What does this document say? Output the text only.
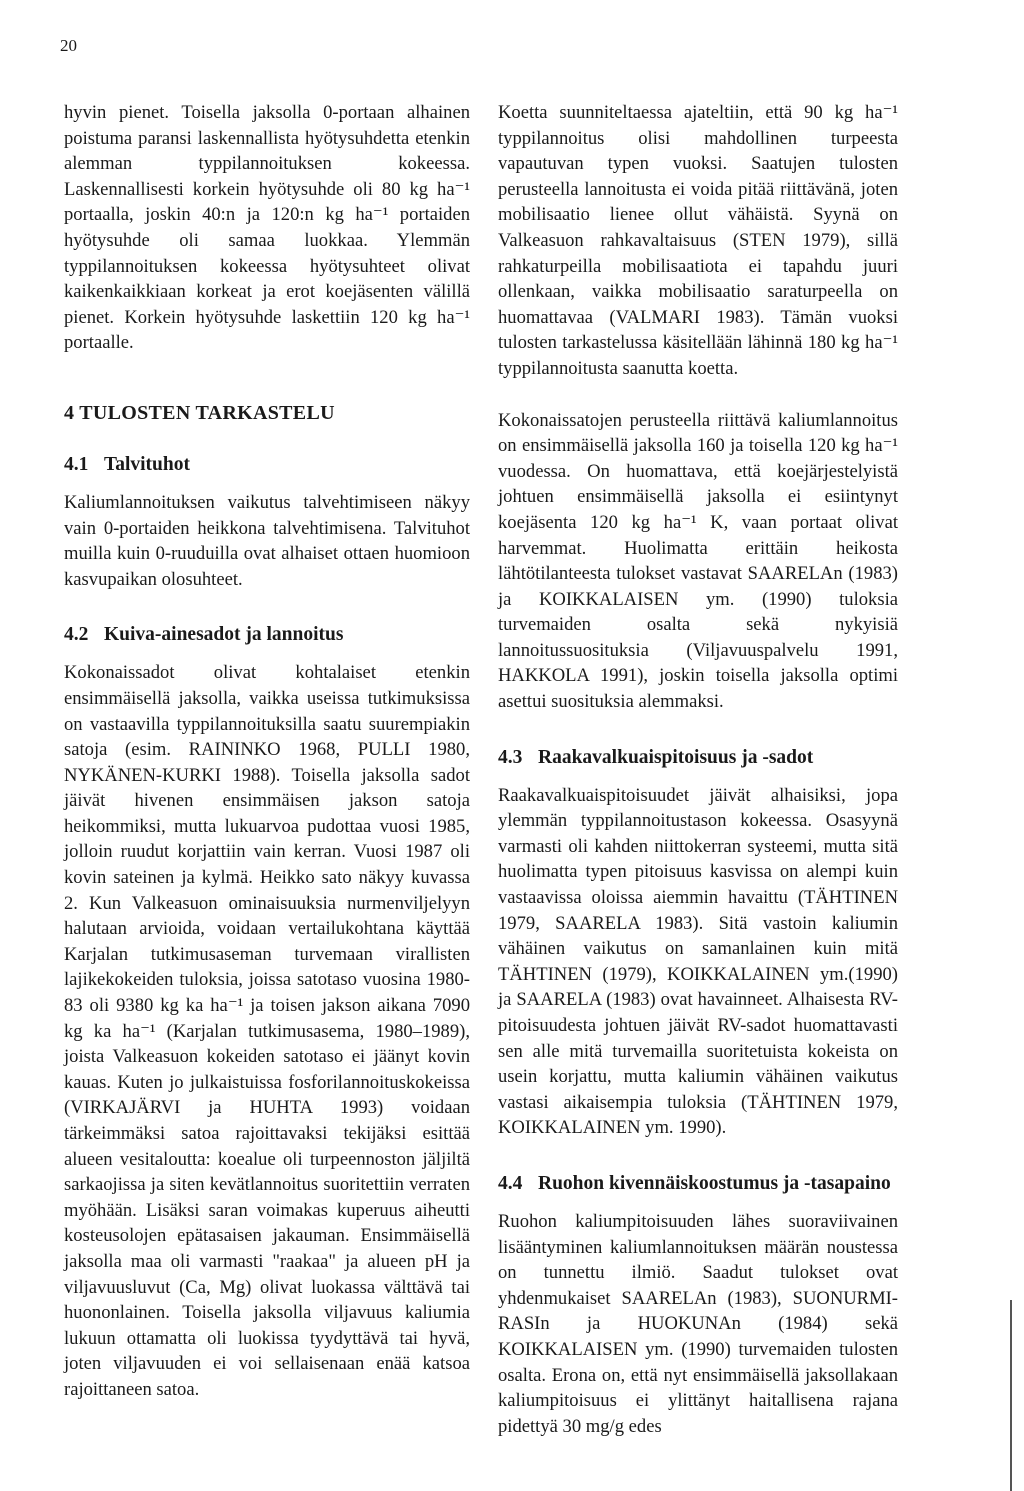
20

hyvin pienet. Toisella jaksolla 0-portaan alhainen poistuma paransi laskennallista hyötysuhdetta etenkin alemman typpilannoituksen kokeessa. Laskennallisesti korkein hyötysuhde oli 80 kg ha⁻¹ portaalla, joskin 40:n ja 120:n kg ha⁻¹ portaiden hyötysuhde oli samaa luokkaa. Ylemmän typpilannoituksen kokeessa hyötysuhteet olivat kaikenkaikkiaan korkeat ja erot koejäsenten välillä pienet. Korkein hyötysuhde laskettiin 120 kg ha⁻¹ portaalle.

4 TULOSTEN TARKASTELU
4.1 Talvituhot

Kaliumlannoituksen vaikutus talvehtimiseen näkyy vain 0-portaiden heikkona talvehtimisena. Talvituhot muilla kuin 0-ruuduilla ovat alhaiset ottaen huomioon kasvupaikan olosuhteet.

4.2 Kuiva-ainesadot ja lannoitus

Kokonaissadot olivat kohtalaiset etenkin ensimmäisellä jaksolla, vaikka useissa tutkimuksissa on vastaavilla typpilannoituksilla saatu suurempiakin satoja (esim. RAININKO 1968, PULLI 1980, NYKÄNEN-KURKI 1988). Toisella jaksolla sadot jäivät hivenen ensimmäisen jakson satoja heikommiksi, mutta lukuarvoa pudottaa vuosi 1985, jolloin ruudut korjattiin vain kerran. Vuosi 1987 oli kovin sateinen ja kylmä. Heikko sato näkyy kuvassa 2. Kun Valkeasuon ominaisuuksia nurmenviljelyyn halutaan arvioida, voidaan vertailukohtana käyttää Karjalan tutkimusaseman turvemaan virallisten lajikekokeiden tuloksia, joissa satotaso vuosina 1980-83 oli 9380 kg ka ha⁻¹ ja toisen jakson aikana 7090 kg ka ha⁻¹ (Karjalan tutkimusasema, 1980–1989), joista Valkeasuon kokeiden satotaso ei jäänyt kovin kauas. Kuten jo julkaistuissa fosforilannoituskokeissa (VIRKAJÄRVI ja HUHTA 1993) voidaan tärkeimmäksi satoa rajoittavaksi tekijäksi esittää alueen vesitaloutta: koealue oli turpeennoston jäljiltä sarkaojissa ja siten kevätlannoitus suoritettiin verraten myöhään. Lisäksi saran voimakas kuperuus aiheutti kosteusolojen epätasaisen jakauman. Ensimmäisellä jaksolla maa oli varmasti "raakaa" ja alueen pH ja viljavuusluvut (Ca, Mg) olivat luokassa välttävä tai huononlainen. Toisella jaksolla viljavuus kaliumia lukuun ottamatta oli luokissa tyydyttävä tai hyvä, joten viljavuuden ei voi sellaisenaan enää katsoa rajoittaneen satoa.

Koetta suunniteltaessa ajateltiin, että 90 kg ha⁻¹ typpilannoitus olisi mahdollinen turpeesta vapautuvan typen vuoksi. Saatujen tulosten perusteella lannoitusta ei voida pitää riittävänä, joten mobilisaatio lienee ollut vähäistä. Syynä on Valkeasuon rahkavaltaisuus (STEN 1979), sillä rahkaturpeilla mobilisaatiota ei tapahdu juuri ollenkaan, vaikka mobilisaatio saraturpeella on huomattavaa (VALMARI 1983). Tämän vuoksi tulosten tarkastelussa käsitellään lähinnä 180 kg ha⁻¹ typpilannoitusta saanutta koetta.

Kokonaissatojen perusteella riittävä kaliumlannoitus on ensimmäisellä jaksolla 160 ja toisella 120 kg ha⁻¹ vuodessa. On huomattava, että koejärjestelyistä johtuen ensimmäisellä jaksolla ei esiintynyt koejäsenta 120 kg ha⁻¹ K, vaan portaat olivat harvemmat. Huolimatta erittäin heikosta lähtötilanteesta tulokset vastavat SAARELAn (1983) ja KOIKKALAISEN ym. (1990) tuloksia turvemaiden osalta sekä nykyisiä lannoitussuosituksia (Viljavuuspalvelu 1991, HAKKOLA 1991), joskin toisella jaksolla optimi asettui suosituksia alemmaksi.

4.3 Raakavalkuaispitoisuus ja -sadot

Raakavalkuaispitoisuudet jäivät alhaisiksi, jopa ylemmän typpilannoitustason kokeessa. Osasyynä varmasti oli kahden niittokerran systeemi, mutta sitä huolimatta typen pitoisuus kasvissa on alempi kuin vastaavissa oloissa aiemmin havaittu (TÄHTINEN 1979, SAARELA 1983). Sitä vastoin kaliumin vähäinen vaikutus on samanlainen kuin mitä TÄHTINEN (1979), KOIKKALAINEN ym.(1990) ja SAARELA (1983) ovat havainneet. Alhaisesta RV-pitoisuudesta johtuen jäivät RV-sadot huomattavasti sen alle mitä turvemailla suoritetuista kokeista on usein korjattu, mutta kaliumin vähäinen vaikutus vastasi aikaisempia tuloksia (TÄHTINEN 1979, KOIKKALAINEN ym. 1990).

4.4 Ruohon kivennäiskoostumus ja -tasapaino

Ruohon kaliumpitoisuuden lähes suoraviivainen lisääntyminen kaliumlannoituksen määrän noustessa on tunnettu ilmiö. Saadut tulokset ovat yhdenmukaiset SAARELAn (1983), SUONURMI-RASIn ja HUOKUNAn (1984) sekä KOIKKALAISEN ym. (1990) turvemaiden tulosten osalta. Erona on, että nyt ensimmäisellä jaksollakaan kaliumpitoisuus ei ylittänyt haitallisena rajana pidettyä 30 mg/g edes
